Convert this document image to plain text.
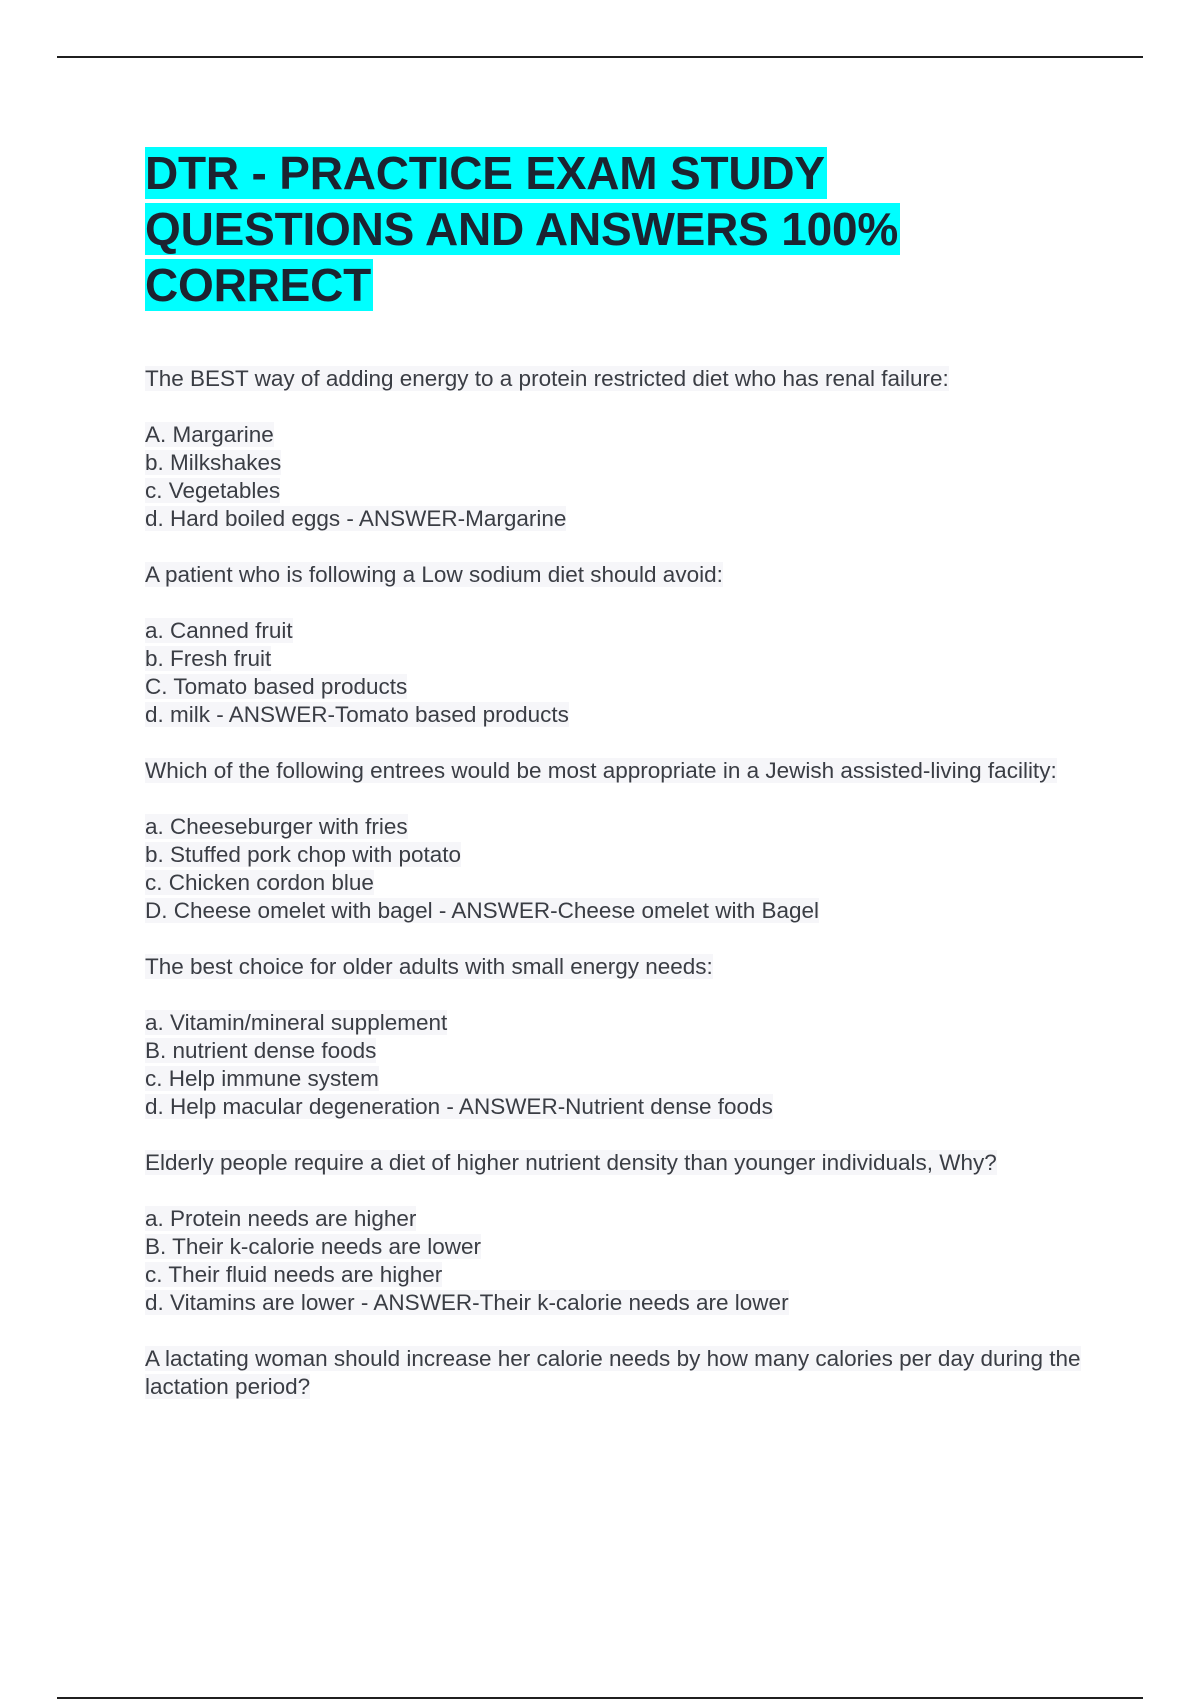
DTR - PRACTICE EXAM STUDY QUESTIONS AND ANSWERS 100% CORRECT

The BEST way of adding energy to a protein restricted diet who has renal failure:

A. Margarine
b. Milkshakes
c. Vegetables
d. Hard boiled eggs - ANSWER-Margarine

A patient who is following a Low sodium diet should avoid:

a. Canned fruit
b. Fresh fruit
C. Tomato based products
d. milk - ANSWER-Tomato based products

Which of the following entrees would be most appropriate in a Jewish assisted-living facility:

a. Cheeseburger with fries
b. Stuffed pork chop with potato
c. Chicken cordon blue
D. Cheese omelet with bagel - ANSWER-Cheese omelet with Bagel

The best choice for older adults with small energy needs:

a. Vitamin/mineral supplement
B. nutrient dense foods
c. Help immune system
d. Help macular degeneration - ANSWER-Nutrient dense foods

Elderly people require a diet of higher nutrient density than younger individuals, Why?

a. Protein needs are higher
B. Their k-calorie needs are lower
c. Their fluid needs are higher
d. Vitamins are lower - ANSWER-Their k-calorie needs are lower

A lactating woman should increase her calorie needs by how many calories per day during the lactation period?
